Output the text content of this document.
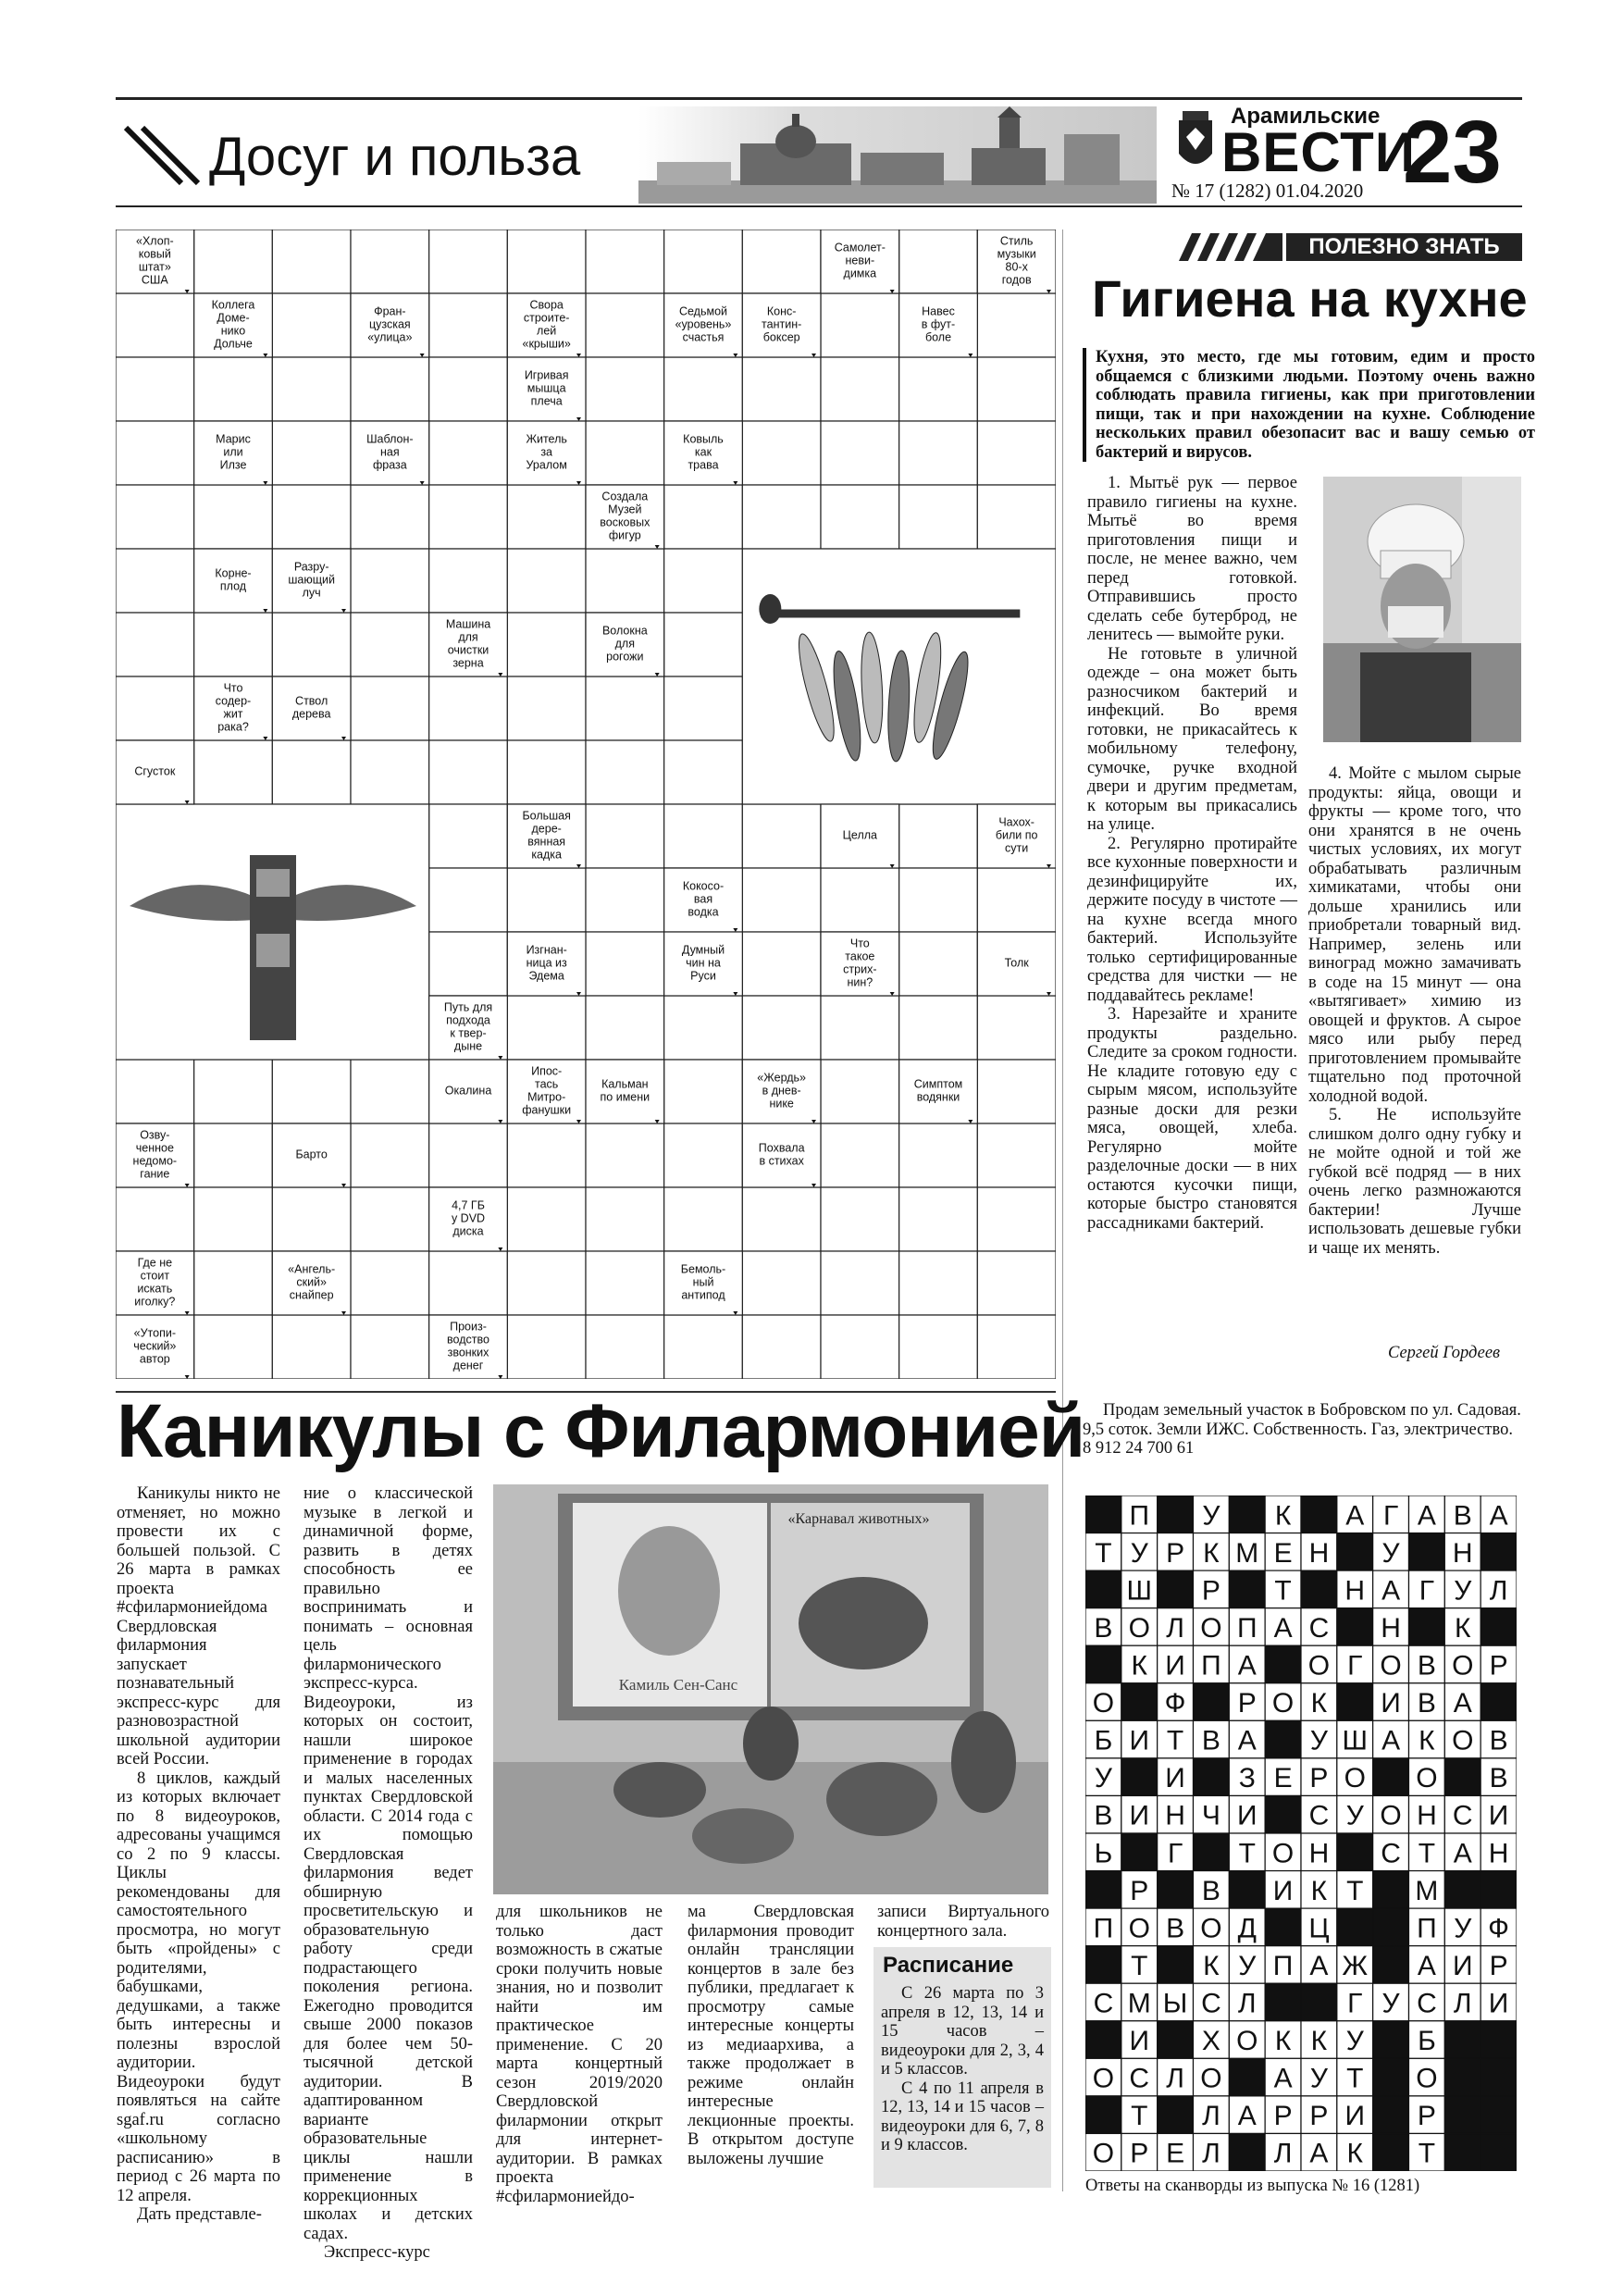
Досуг и польза
Арамильские
ВЕСТИ
23
№ 17 (1282) 01.04.2020
«Хлоп-ковый штат» США
Самолет-неви-димка
Стиль музыки 80-х годов
Коллега Доме-нико Дольче
Фран-цузская «улица»
Свора строите-лей «крыши»
Седьмой «уровень» счастья
Конс-тантин-боксер
Навес в фут-боле
Игривая мышца плеча
Марис или Илзе
Шаблон-ная фраза
Житель за Уралом
Ковыль как трава
Создала Музей восковых фигур
Корне-плод
Разру-шающий луч
Машина для очистки зерна
Волокна для рогожи
Что содер-жит рака?
Ствол дерева
Сгусток
Большая дере-вянная кадка
Целла
Чахох-били по сути
Кокосо-вая водка
Изгнан-ница из Эдема
Думный чин на Руси
Что такое стрих-нин?
Толк
Путь для подхода к твер-дыне
Окалина
Ипос-тась Митро-фанушки
Кальман по имени
«Жердь» в днев-нике
Симптом водянки
Озву-ченное недомо-гание
Барто	Похвала в стихах
4,7 ГБ у DVD диска
Где не стоит искать иголку?
«Ангель-ский» снайпер
Бемоль-ный антипод
«Утопи-ческий» автор
Произ-водство звонких денег
ПОЛЕЗНО ЗНАТЬ
Гигиена на кухне
Кухня, это место, где мы готовим, едим и просто общаемся с близкими людьми. Поэтому очень важно соблюдать правила гигиены, как при приготовлении пищи, так и при нахождении на кухне. Соблюдение нескольких правил обезопасит вас и вашу семью от бактерий и вирусов.

1. Мытьё рук — первое правило гигиены на кухне. Мытьё во время приготовления пищи и после, не менее важно, чем перед готовкой. Отправившись просто сделать себе бутерброд, не ленитесь — вымойте руки.

Не готовьте в уличной одежде – она может быть разносчиком бактерий и инфекций. Во время готовки, не прикасайтесь к мобильному телефону, сумочке, ручке входной двери и другим предметам, к которым вы прикасались на улице.

2. Регулярно протирайте все кухонные поверхности и дезинфицируйте их, держите посуду в чистоте — на кухне всегда много бактерий. Используйте только сертифицированные средства для чистки — не поддавайтесь рекламе!

3. Нарезайте и храните продукты раздельно. Следите за сроком годности. Не кладите готовую еду с сырым мясом, используйте разные доски для резки мяса, овощей, хлеба. Регулярно мойте разделочные доски — в них остаются кусочки пищи, которые быстро становятся рассадниками бактерий.

4. Мойте с мылом сырые продукты: яйца, овощи и фрукты — кроме того, что они хранятся в не очень чистых условиях, их могут обрабатывать различным химикатами, чтобы они дольше хранились или приобретали товарный вид. Например, зелень или виноград можно замачивать в соде на 15 минут — она «вытягивает» химию из овощей и фруктов. А сырое мясо или рыбу перед приготовлением промывайте тщательно под проточной холодной водой.

5. Не используйте слишком долго одну губку и не мойте одной и той же губкой всё подряд — в них очень легко размножаются бактерии! Лучше использовать дешевые губки и чаще их менять.

Сергей Гордеев
Продам земельный участок в Бобровском по ул. Садовая. 9,5 соток. Земли ИЖС. Собственность. Газ, электричество. 8 912 24 700 61
П У К А Г А В А
Т У Р К М Е Н У Н
Ш Р Т Н А Г У Л
В О Л О П А С Н К
К И П А О Г О В О Р
О Ф Р О К И В А
Б И Т В А У Ш А К О В
У И З Е Р О О В
В И Н Ч И С У О Н С И
Ь Г Т О Н С Т А Н
Р В И К Т М
П О В О Д Ц	П У Ф
Т К У П А Ж А И Р
С М Ы С Л	Г У С Л И
И Х О К К У Б
О С Л О А У Т О
Т Л А Р Р И Р
О Р Е Л Л А К Т
Ответы на сканворды из выпуска № 16 (1281)
Каникулы с Филармонией

Каникулы никто не отменяет, но можно провести их с большей пользой. С 26 марта в рамках проекта #сфилармониейдома Свердловская филармония запускает познавательный экспресс-курс для разновозрастной школьной аудитории всей России.

8 циклов, каждый из которых включает по 8 видеоуроков, адресованы учащимся со 2 по 9 классы. Циклы рекомендованы для самостоятельного просмотра, но могут быть «пройдены» с родителями, бабушками, дедушками, а также быть интересны и полезны взрослой аудитории. Видеоуроки будут появляться на сайте sgaf.ru согласно «школьному расписанию» в период с 26 марта по 12 апреля.

Дать представле-

ние о классической музыке в легкой и динамичной форме, развить в детях способность ее правильно воспринимать и понимать – основная цель филармонического экспресс-курса. Видеоуроки, из которых он состоит, нашли широкое применение в городах и малых населенных пунктах Свердловской области. С 2014 года с их помощью Свердловская филармония ведет обширную просветительскую и образовательную работу среди подрастающего поколения региона. Ежегодно проводится свыше 2000 показов для более чем 50-тысячной детской аудитории. В адаптированном варианте образовательные циклы нашли применение в коррекционных школах и детских садах.

Экспресс-курс

«Карнавал животных»
Камиль Сен-Санс

для школьников не только даст возможность в сжатые сроки получить новые знания, но и позволит найти им практическое применение. С 20 марта концертный сезон 2019/2020 Свердловской филармонии открыт для интернет-аудитории. В рамках проекта #сфилармониейдо-

ма Свердловская филармония проводит онлайн трансляции концертов в зале без публики, предлагает к просмотру самые интересные концерты из медиаархива, а также продолжает в режиме онлайн интересные лекционные проекты. В открытом доступе выложены лучшие

записи Виртуального концертного зала.

Расписание

С 26 марта по 3 апреля в 12, 13, 14 и 15 часов – видеоуроки для 2, 3, 4 и 5 классов.

С 4 по 11 апреля в 12, 13, 14 и 15 часов – видеоуроки для 6, 7, 8 и 9 классов.
